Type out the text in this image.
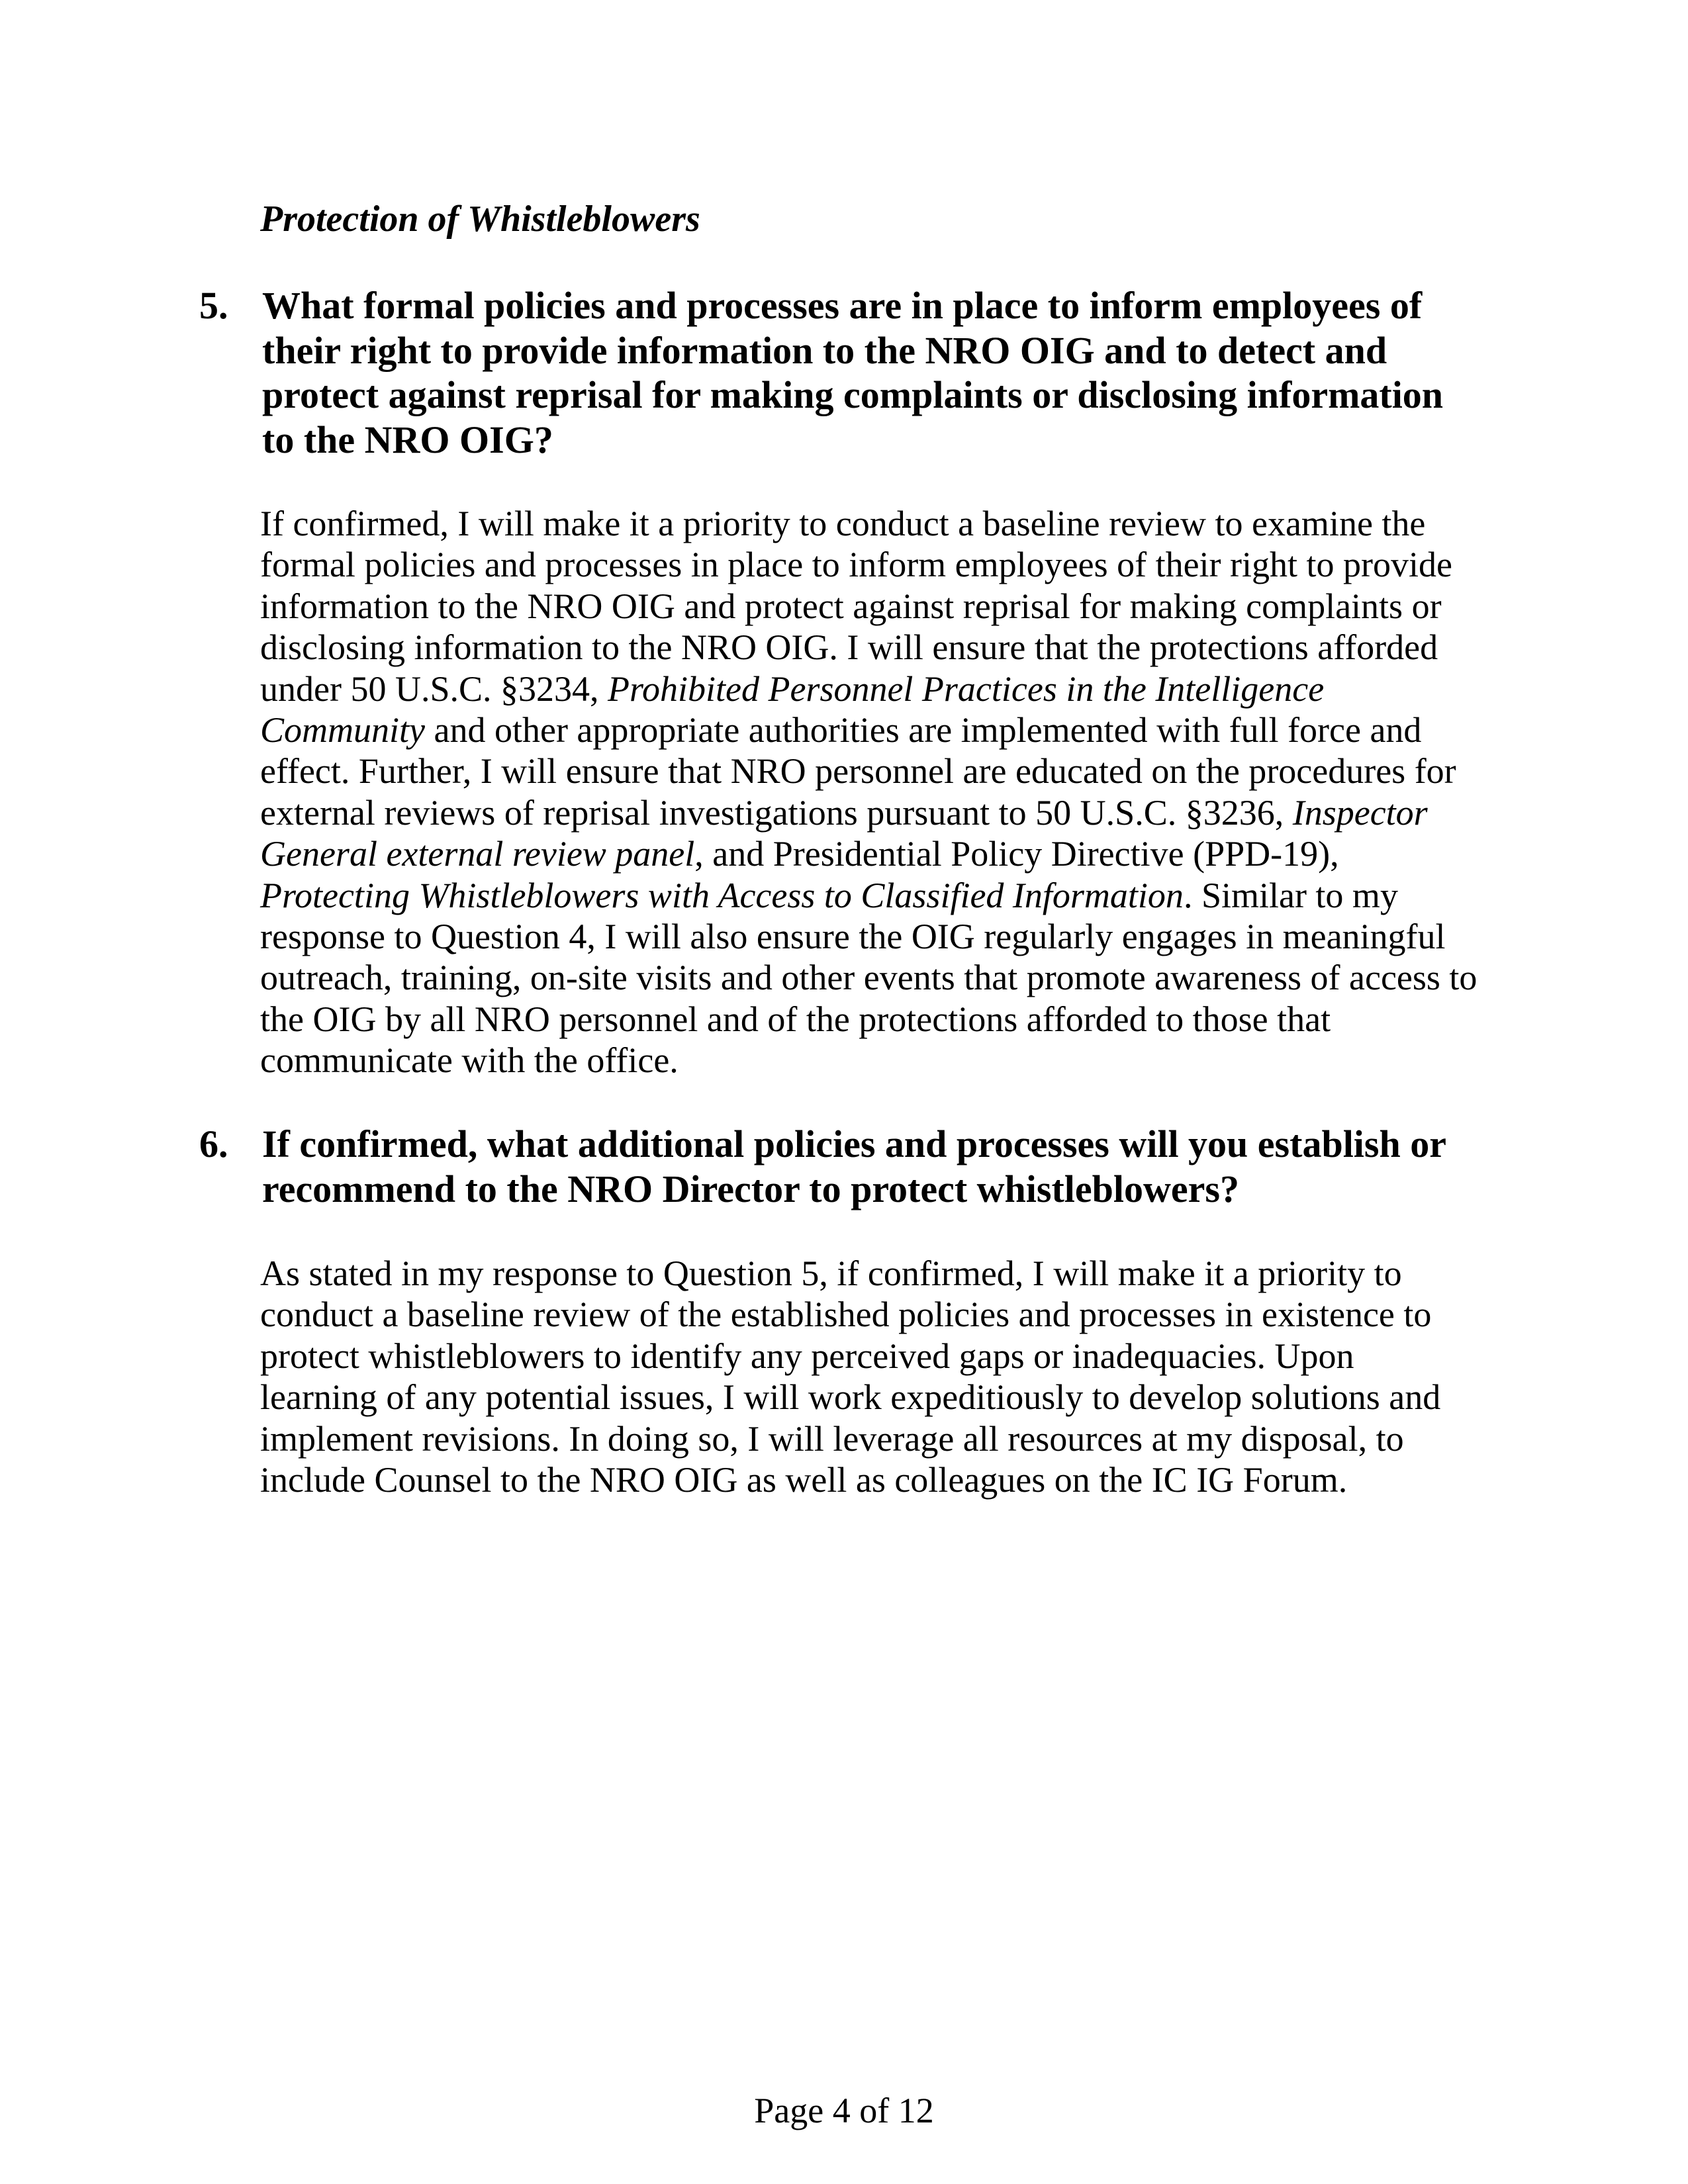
Protection of Whistleblowers
5. What formal policies and processes are in place to inform employees of
their right to provide information to the NRO OIG and to detect and
protect against reprisal for making complaints or disclosing information
to the NRO OIG?
If confirmed, I will make it a priority to conduct a baseline review to examine the
formal policies and processes in place to inform employees of their right to provide
information to the NRO OIG and protect against reprisal for making complaints or
disclosing information to the NRO OIG. I will ensure that the protections afforded
under 50 U.S.C. §3234, Prohibited Personnel Practices in the Intelligence
Community and other appropriate authorities are implemented with full force and
effect. Further, I will ensure that NRO personnel are educated on the procedures for
external reviews of reprisal investigations pursuant to 50 U.S.C. §3236, Inspector
General external review panel, and Presidential Policy Directive (PPD-19),
Protecting Whistleblowers with Access to Classified Information. Similar to my
response to Question 4, I will also ensure the OIG regularly engages in meaningful
outreach, training, on-site visits and other events that promote awareness of access to
the OIG by all NRO personnel and of the protections afforded to those that
communicate with the office.
6. If confirmed, what additional policies and processes will you establish or
recommend to the NRO Director to protect whistleblowers?
As stated in my response to Question 5, if confirmed, I will make it a priority to
conduct a baseline review of the established policies and processes in existence to
protect whistleblowers to identify any perceived gaps or inadequacies. Upon
learning of any potential issues, I will work expeditiously to develop solutions and
implement revisions. In doing so, I will leverage all resources at my disposal, to
include Counsel to the NRO OIG as well as colleagues on the IC IG Forum.
Page 4 of 12
